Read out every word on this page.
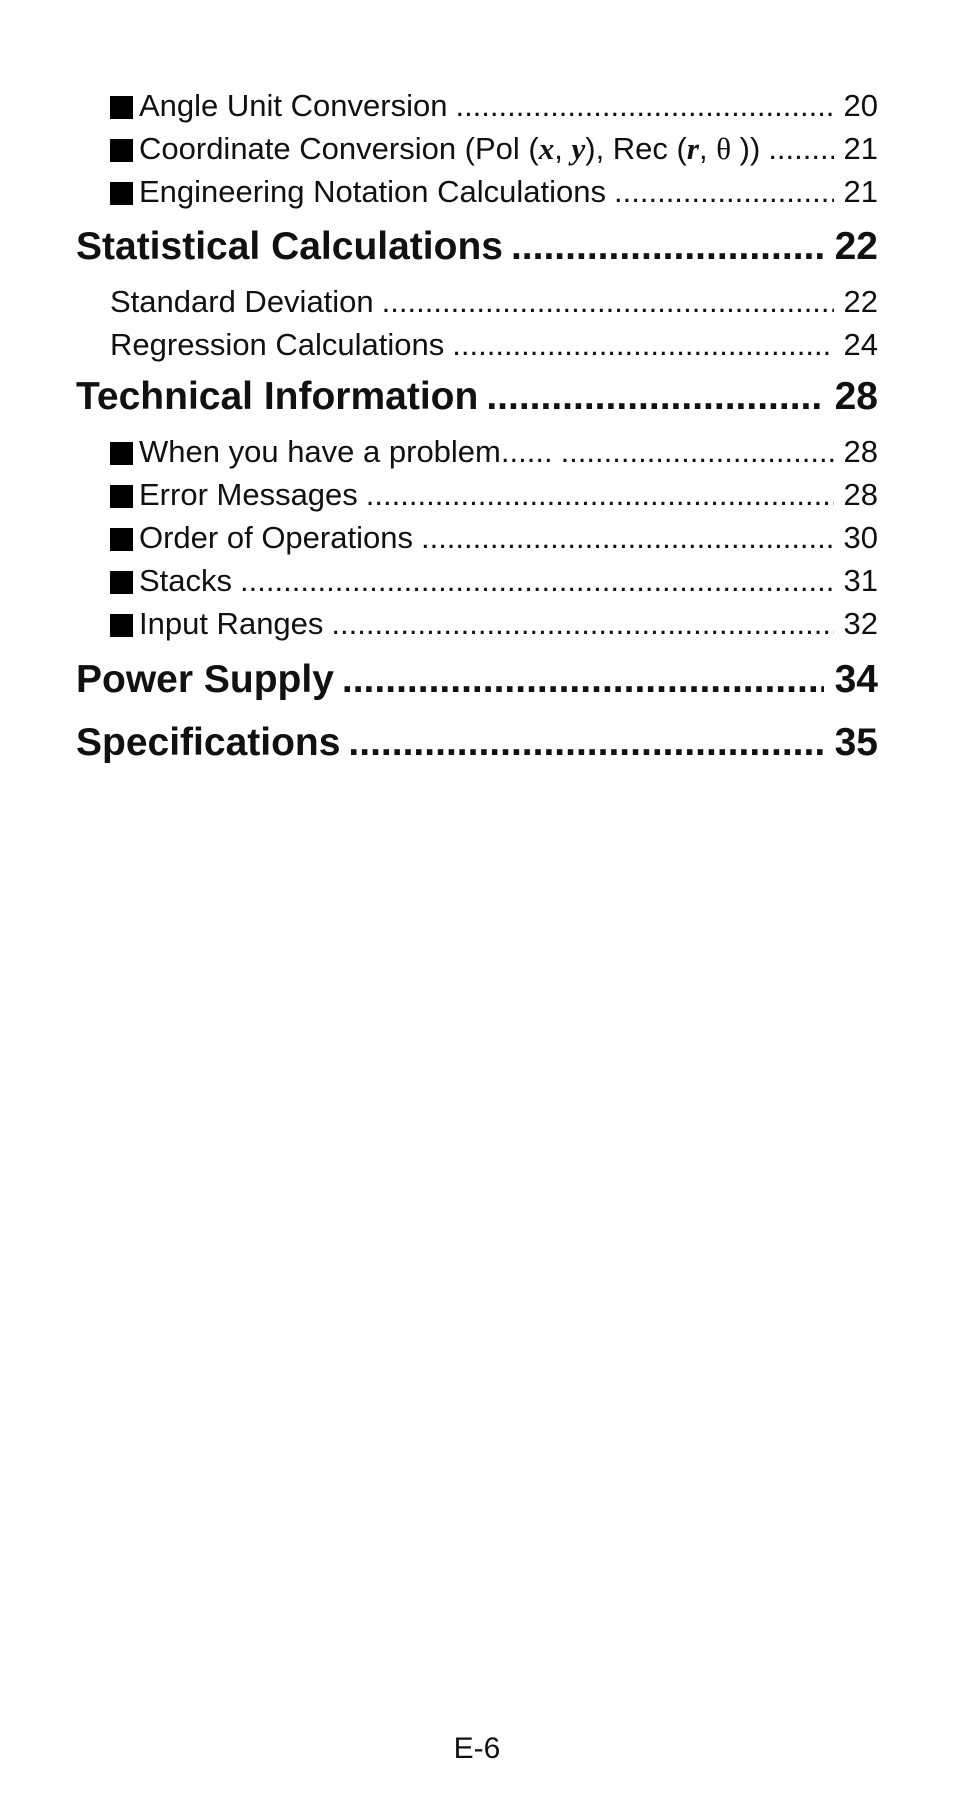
Angle Unit Conversion .....	20
Coordinate Conversion (Pol (x, y), Rec (r, θ )) .....	21
Engineering Notation Calculations .....	21
Statistical Calculations .....	22
Standard Deviation .....	22
Regression Calculations .....	24
Technical Information .....	28
When you have a problem...... .....	28
Error Messages .....	28
Order of Operations .....	30
Stacks .....	31
Input Ranges .....	32
Power Supply .....	34
Specifications .....	35
E-6
